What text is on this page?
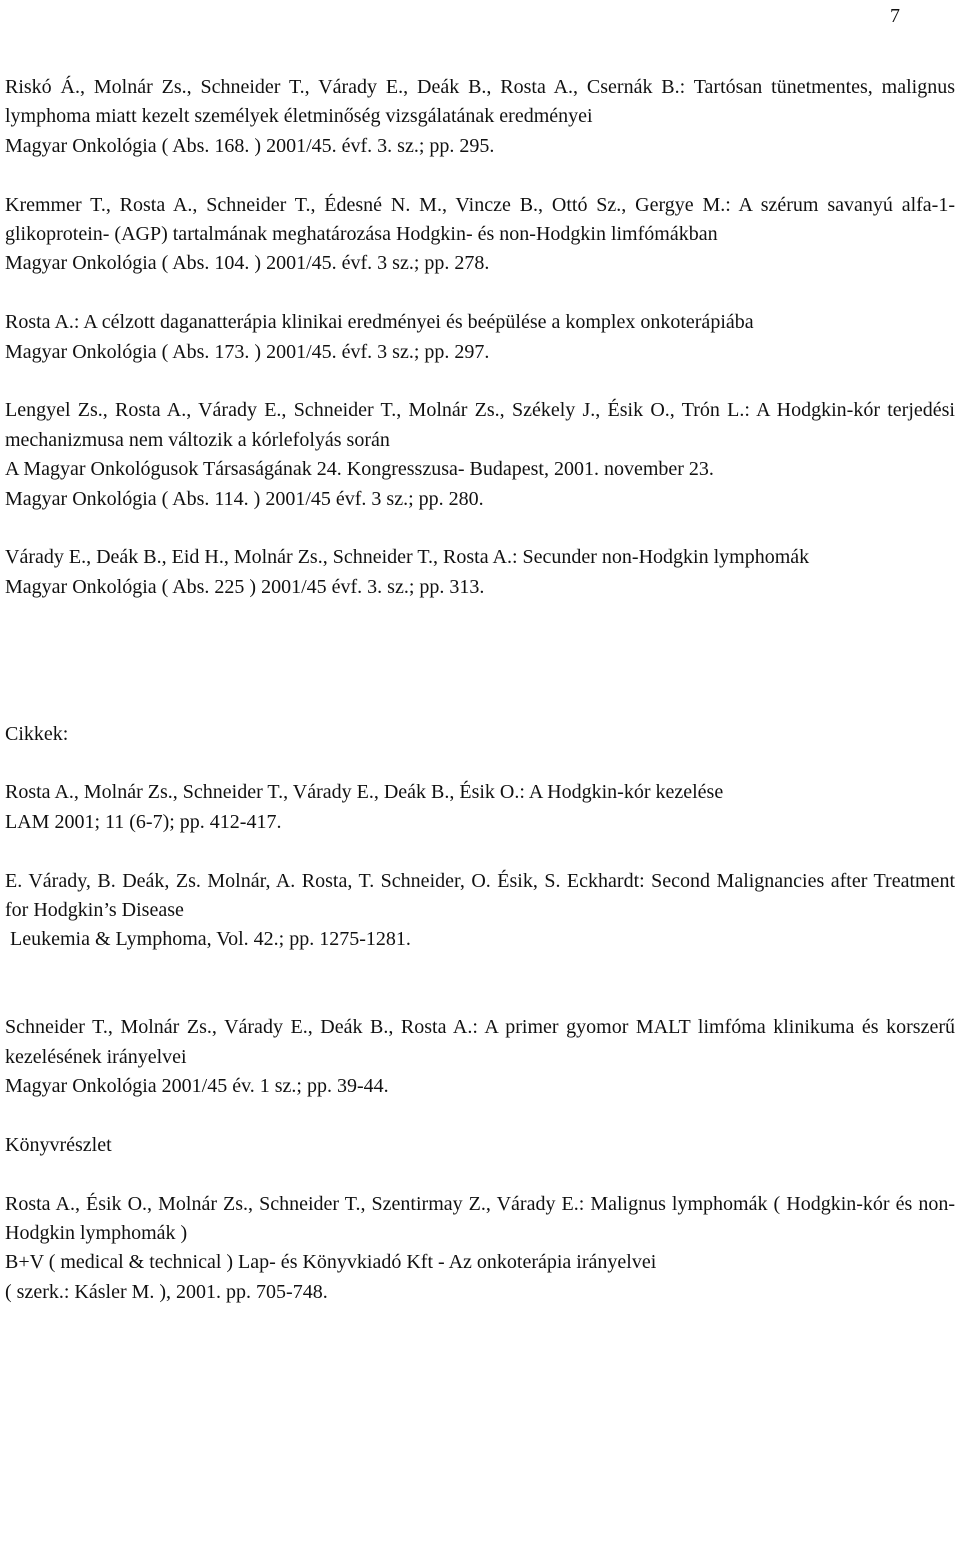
7

Riskó Á., Molnár Zs., Schneider T., Várady E., Deák B., Rosta A., Csernák B.: Tartósan tünetmentes, malignus lymphoma miatt kezelt személyek életminőség vizsgálatának eredményei

Magyar Onkológia ( Abs. 168. ) 2001/45. évf. 3. sz.; pp. 295.

Kremmer T., Rosta A., Schneider T., Édesné N. M., Vincze B., Ottó Sz., Gergye M.: A szérum savanyú alfa-1-glikoprotein- (AGP) tartalmának meghatározása Hodgkin- és non-Hodgkin limfómákban

Magyar Onkológia ( Abs. 104. ) 2001/45. évf. 3 sz.; pp. 278.

Rosta A.: A célzott daganatterápia klinikai eredményei és beépülése a komplex onkoterápiába

Magyar Onkológia ( Abs. 173. ) 2001/45. évf. 3 sz.; pp. 297.

Lengyel Zs., Rosta A., Várady E., Schneider T., Molnár Zs., Székely J., Ésik O., Trón L.: A Hodgkin-kór terjedési mechanizmusa nem változik a kórlefolyás során

A Magyar Onkológusok Társaságának 24. Kongresszusa- Budapest, 2001. november 23.

Magyar Onkológia ( Abs. 114. ) 2001/45 évf. 3 sz.; pp. 280.

Várady E., Deák B., Eid H., Molnár Zs., Schneider T., Rosta A.: Secunder non-Hodgkin lymphomák

Magyar Onkológia ( Abs. 225 ) 2001/45 évf. 3. sz.; pp. 313.

Cikkek:

Rosta A., Molnár Zs., Schneider T., Várady E., Deák B., Ésik O.: A Hodgkin-kór kezelése

LAM 2001; 11 (6-7); pp. 412-417.

E. Várady, B. Deák, Zs. Molnár, A. Rosta, T. Schneider, O. Ésik, S. Eckhardt: Second Malignancies after Treatment for Hodgkin’s Disease

Leukemia & Lymphoma, Vol. 42.; pp. 1275-1281.

Schneider T., Molnár Zs., Várady E., Deák B., Rosta A.: A primer gyomor MALT limfóma klinikuma és korszerű kezelésének irányelvei

Magyar Onkológia 2001/45 év. 1 sz.; pp. 39-44.

Könyvrészlet

Rosta A., Ésik O., Molnár Zs., Schneider T., Szentirmay Z., Várady E.: Malignus lymphomák ( Hodgkin-kór és non-Hodgkin lymphomák )

B+V ( medical & technical ) Lap- és Könyvkiadó Kft - Az onkoterápia irányelvei

( szerk.: Kásler M. ), 2001. pp. 705-748.
